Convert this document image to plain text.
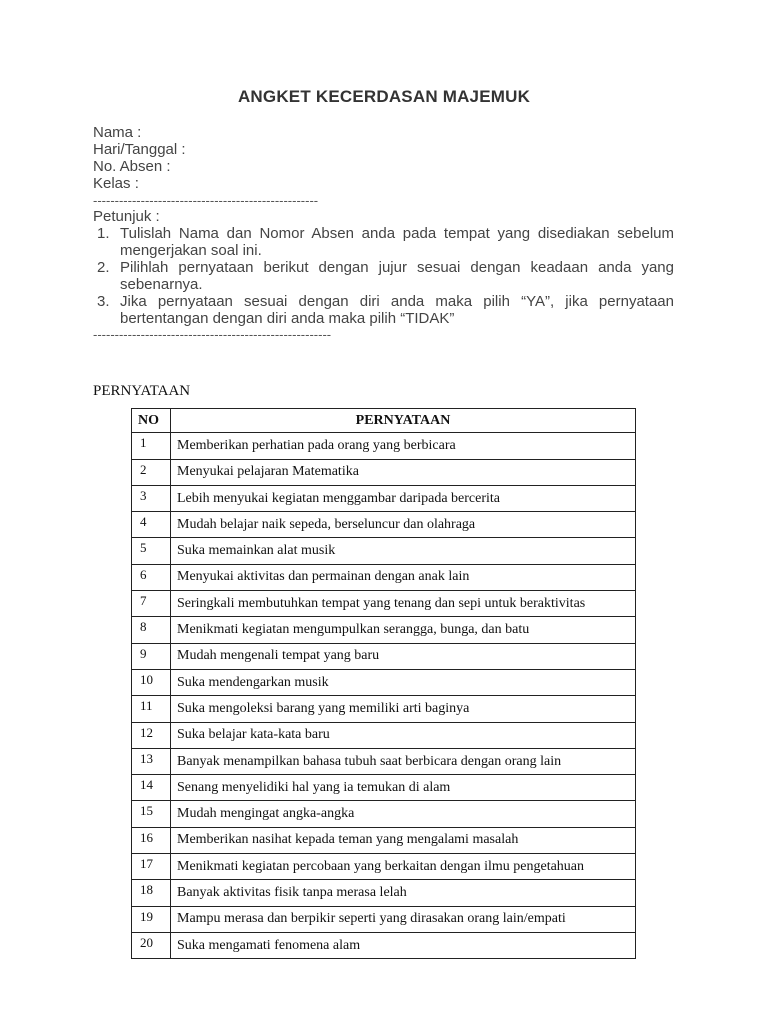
ANGKET KECERDASAN MAJEMUK
Nama :
Hari/Tanggal :
No. Absen :
Kelas :
----------------------------------------------------
Petunjuk :
1. Tulislah Nama dan Nomor Absen anda pada tempat yang disediakan sebelum mengerjakan soal ini.
2. Pilihlah pernyataan berikut dengan jujur sesuai dengan keadaan anda yang sebenarnya.
3. Jika pernyataan sesuai dengan diri anda maka pilih “YA”, jika pernyataan bertentangan dengan diri anda maka pilih “TIDAK”
-------------------------------------------------------
PERNYATAAN
NO	PERNYATAAN
1	Memberikan perhatian pada orang yang berbicara
2	Menyukai pelajaran Matematika
3	Lebih menyukai kegiatan menggambar daripada bercerita
4	Mudah belajar naik sepeda, berseluncur dan olahraga
5	Suka memainkan alat musik
6	Menyukai aktivitas dan permainan dengan anak lain
7	Seringkali membutuhkan tempat yang tenang dan sepi untuk beraktivitas
8	Menikmati kegiatan mengumpulkan serangga, bunga, dan batu
9	Mudah mengenali tempat yang baru
10	Suka mendengarkan musik
11	Suka mengoleksi barang yang memiliki arti baginya
12	Suka belajar kata-kata baru
13	Banyak menampilkan bahasa tubuh saat berbicara dengan orang lain
14	Senang menyelidiki hal yang ia temukan di alam
15	Mudah mengingat angka-angka
16	Memberikan nasihat kepada teman yang mengalami masalah
17	Menikmati kegiatan percobaan yang berkaitan dengan ilmu pengetahuan
18	Banyak aktivitas fisik tanpa merasa lelah
19	Mampu merasa dan berpikir seperti yang dirasakan orang lain/empati
20	Suka mengamati fenomena alam
